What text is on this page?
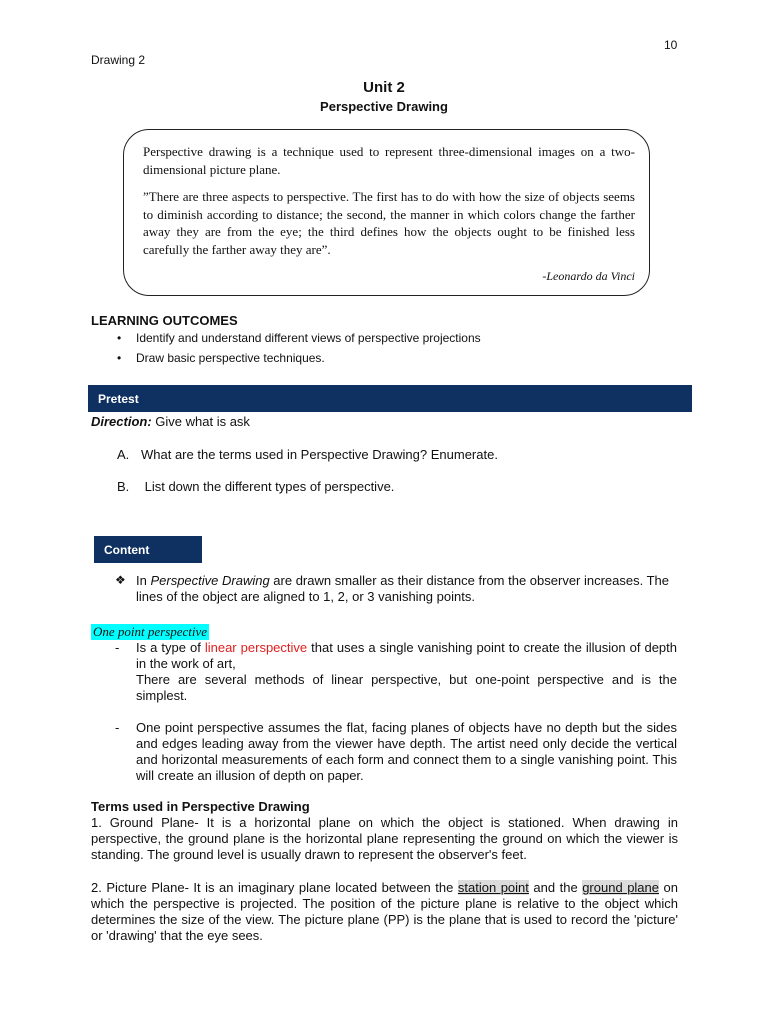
10
Drawing 2
Unit 2
Perspective Drawing
Perspective drawing is a technique used to represent three-dimensional images on a two-dimensional picture plane.
”There are three aspects to perspective. The first has to do with how the size of objects seems to diminish according to distance; the second, the manner in which colors change the farther away they are from the eye; the third defines how the objects ought to be finished less carefully the farther away they are”.
-Leonardo da Vinci
LEARNING OUTCOMES
• Identify and understand different views of perspective projections
• Draw basic perspective techniques.
Pretest
Direction: Give what is ask
A. What are the terms used in Perspective Drawing? Enumerate.
B. List down the different types of perspective.
Content
❖ In Perspective Drawing are drawn smaller as their distance from the observer increases. The lines of the object are aligned to 1, 2, or 3 vanishing points.
One point perspective
- Is a type of linear perspective that uses a single vanishing point to create the illusion of depth in the work of art,
There are several methods of linear perspective, but one-point perspective and is the simplest.
- One point perspective assumes the flat, facing planes of objects have no depth but the sides and edges leading away from the viewer have depth. The artist need only decide the vertical and horizontal measurements of each form and connect them to a single vanishing point. This will create an illusion of depth on paper.
Terms used in Perspective Drawing
1. Ground Plane- It is a horizontal plane on which the object is stationed. When drawing in perspective, the ground plane is the horizontal plane representing the ground on which the viewer is standing. The ground level is usually drawn to represent the observer's feet.
2. Picture Plane- It is an imaginary plane located between the station point and the ground plane on which the perspective is projected. The position of the picture plane is relative to the object which determines the size of the view. The picture plane (PP) is the plane that is used to record the 'picture' or 'drawing' that the eye sees.
